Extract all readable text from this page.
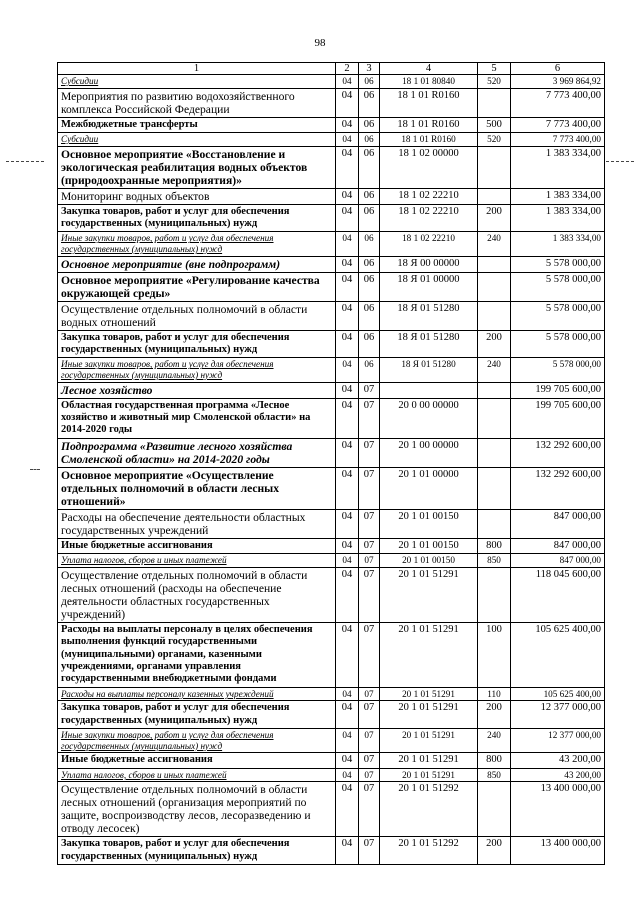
98
1	2	3	4	5	6
Субсидии	04	06	18 1 01 80840	520	3 969 864,92
Мероприятия по развитию водохозяйственного комплекса Российской Федерации	04	06	18 1 01 R0160		7 773 400,00
Межбюджетные трансферты	04	06	18 1 01 R0160	500	7 773 400,00
Субсидии	04	06	18 1 01 R0160	520	7 773 400,00
Основное мероприятие «Восстановление и экологическая реабилитация водных объектов (природоохранные мероприятия)»	04	06	18 1 02 00000		1 383 334,00
Мониторинг водных объектов	04	06	18 1 02 22210		1 383 334,00
Закупка товаров, работ и услуг для обеспечения государственных (муниципальных) нужд	04	06	18 1 02 22210	200	1 383 334,00
Иные закупки товаров, работ и услуг для обеспечения государственных (муниципальных) нужд	04	06	18 1 02 22210	240	1 383 334,00
Основное мероприятие (вне подпрограмм)	04	06	18 Я 00 00000		5 578 000,00
Основное мероприятие «Регулирование качества окружающей среды»	04	06	18 Я 01 00000		5 578 000,00
Осуществление отдельных полномочий в области водных отношений	04	06	18 Я 01 51280		5 578 000,00
Закупка товаров, работ и услуг для обеспечения государственных (муниципальных) нужд	04	06	18 Я 01 51280	200	5 578 000,00
Иные закупки товаров, работ и услуг для обеспечения государственных (муниципальных) нужд	04	06	18 Я 01 51280	240	5 578 000,00
Лесное хозяйство	04	07			199 705 600,00
Областная государственная программа «Лесное хозяйство и животный мир Смоленской области» на 2014-2020 годы	04	07	20 0 00 00000		199 705 600,00
Подпрограмма «Развитие лесного хозяйства Смоленской области» на 2014-2020 годы	04	07	20 1 00 00000		132 292 600,00
Основное мероприятие «Осуществление отдельных полномочий в области лесных отношений»	04	07	20 1 01 00000		132 292 600,00
Расходы на обеспечение деятельности областных государственных учреждений	04	07	20 1 01 00150		847 000,00
Иные бюджетные ассигнования	04	07	20 1 01 00150	800	847 000,00
Уплата налогов, сборов и иных платежей	04	07	20 1 01 00150	850	847 000,00
Осуществление отдельных полномочий в области лесных отношений (расходы на обеспечение деятельности областных государственных учреждений)	04	07	20 1 01 51291		118 045 600,00
Расходы на выплаты персоналу в целях обеспечения выполнения функций государственными (муниципальными) органами, казенными учреждениями, органами управления государственными внебюджетными фондами	04	07	20 1 01 51291	100	105 625 400,00
Расходы на выплаты персоналу казенных учреждений	04	07	20 1 01 51291	110	105 625 400,00
Закупка товаров, работ и услуг для обеспечения государственных (муниципальных) нужд	04	07	20 1 01 51291	200	12 377 000,00
Иные закупки товаров, работ и услуг для обеспечения государственных (муниципальных) нужд	04	07	20 1 01 51291	240	12 377 000,00
Иные бюджетные ассигнования	04	07	20 1 01 51291	800	43 200,00
Уплата налогов, сборов и иных платежей	04	07	20 1 01 51291	850	43 200,00
Осуществление отдельных полномочий в области лесных отношений (организация мероприятий по защите, воспроизводству лесов, лесоразведению и отводу лесосек)	04	07	20 1 01 51292		13 400 000,00
Закупка товаров, работ и услуг для обеспечения государственных (муниципальных) нужд	04	07	20 1 01 51292	200	13 400 000,00
